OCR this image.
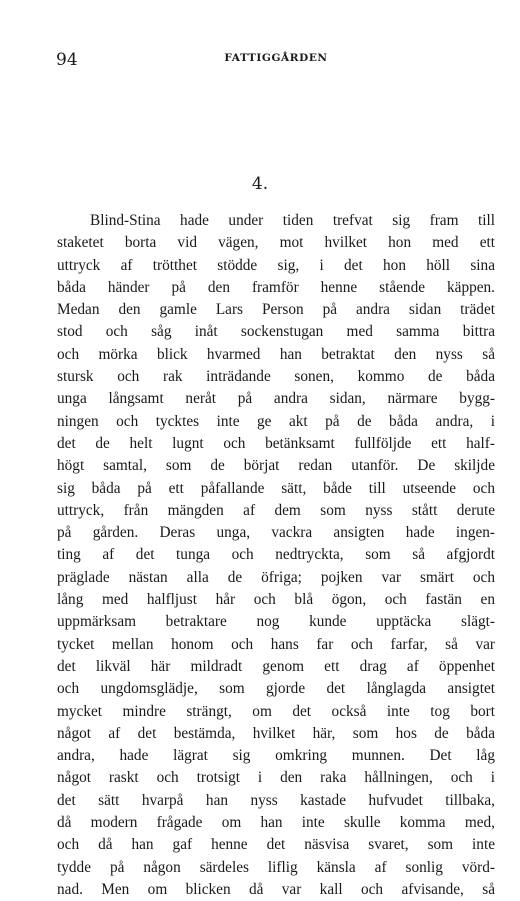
94	FATTIGGÅRDEN
4.
Blind-Stina hade under tiden trefvat sig fram till
staketet borta vid vägen, mot hvilket hon med ett
uttryck af trötthet stödde sig, i det hon höll sina
båda händer på den framför henne stående käppen.
Medan den gamle Lars Person på andra sidan trädet
stod och såg inåt sockenstugan med samma bittra
och mörka blick hvarmed han betraktat den nyss så
stursk och rak inträdande sonen, kommo de båda
unga långsamt neråt på andra sidan, närmare bygg-
ningen och tycktes inte ge akt på de båda andra, i
det de helt lugnt och betänksamt fullföljde ett half-
högt samtal, som de börjat redan utanför. De skiljde
sig båda på ett påfallande sätt, både till utseende och
uttryck, från mängden af dem som nyss stått derute
på gården. Deras unga, vackra ansigten hade ingen-
ting af det tunga och nedtryckta, som så afgjordt
präglade nästan alla de öfriga; pojken var smärt och
lång med halfljust hår och blå ögon, och fastän en
uppmärksam betraktare nog kunde upptäcka slägt-
tycket mellan honom och hans far och farfar, så var
det likväl här mildradt genom ett drag af öppenhet
och ungdomsglädje, som gjorde det långlagda ansigtet
mycket mindre strängt, om det också inte tog bort
något af det bestämda, hvilket här, som hos de båda
andra, hade lägrat sig omkring munnen. Det låg
något raskt och trotsigt i den raka hållningen, och i
det sätt hvarpå han nyss kastade hufvudet tillbaka,
då modern frågade om han inte skulle komma med,
och då han gaf henne det näsvisa svaret, som inte
tydde på någon särdeles liflig känsla af sonlig vörd-
nad. Men om blicken då var kall och afvisande, så
